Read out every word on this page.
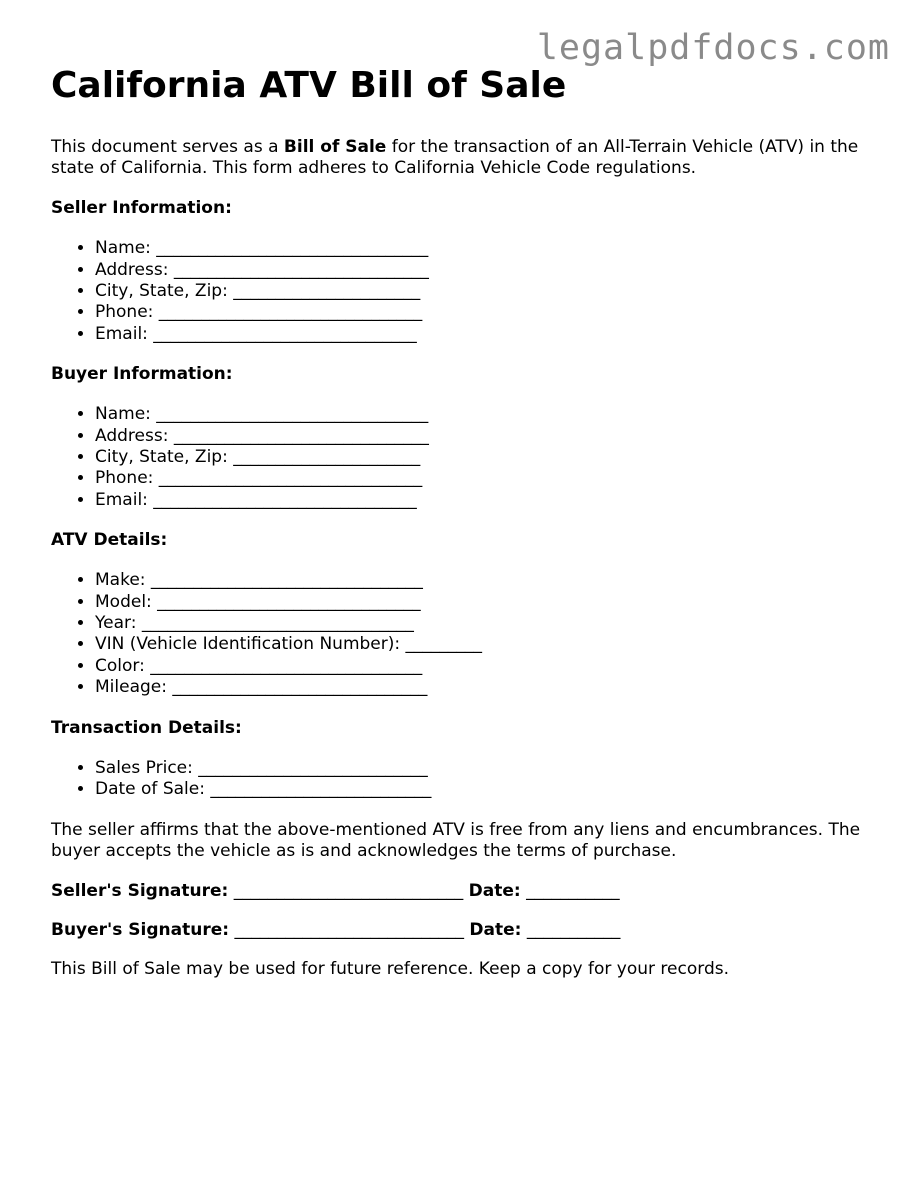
legalpdfdocs.com
California ATV Bill of Sale

This document serves as a Bill of Sale for the transaction of an All-Terrain Vehicle (ATV) in the state of California. This form adheres to California Vehicle Code regulations.

Seller Information:
• Name: ________________________________
• Address: ______________________________
• City, State, Zip: ______________________
• Phone: _______________________________
• Email: _______________________________
Buyer Information:
• Name: ________________________________
• Address: ______________________________
• City, State, Zip: ______________________
• Phone: _______________________________
• Email: _______________________________
ATV Details:
• Make: ________________________________
• Model: _______________________________
• Year: ________________________________
• VIN (Vehicle Identification Number): _________
• Color: ________________________________
• Mileage: ______________________________
Transaction Details:
• Sales Price: ___________________________
• Date of Sale: __________________________

The seller affirms that the above-mentioned ATV is free from any liens and encumbrances. The buyer accepts the vehicle as is and acknowledges the terms of purchase.

Seller's Signature: ___________________________ Date: ___________
Buyer's Signature: ___________________________ Date: ___________

This Bill of Sale may be used for future reference. Keep a copy for your records.
